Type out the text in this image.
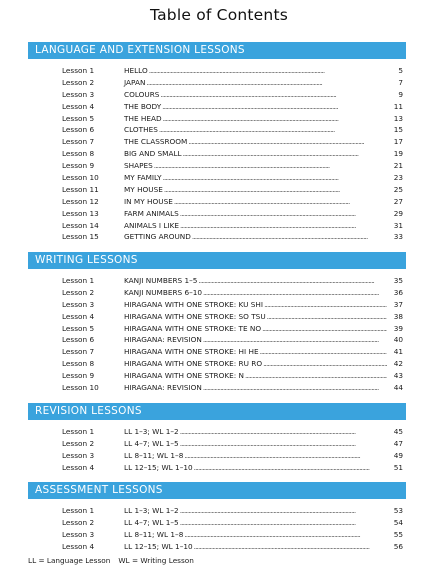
Table of Contents
LANGUAGE AND EXTENSION LESSONS
Lesson 1	HELLO . . .	5
Lesson 2	JAPAN . . .	7
Lesson 3	COLOURS . . .	9
Lesson 4	THE BODY . . .	11
Lesson 5	THE HEAD . . .	13
Lesson 6	CLOTHES . . .	15
Lesson 7	THE CLASSROOM . . .	17
Lesson 8	BIG AND SMALL . . .	19
Lesson 9	SHAPES . . .	21
Lesson 10	MY FAMILY . . .	23
Lesson 11	MY HOUSE . . .	25
Lesson 12	IN MY HOUSE . . .	27
Lesson 13	FARM ANIMALS . . .	29
Lesson 14	ANIMALS I LIKE . . .	31
Lesson 15	GETTING AROUND . . .	33
WRITING LESSONS
Lesson 1	KANJI NUMBERS 1–5 . . .	35
Lesson 2	KANJI NUMBERS 6–10 . . .	36
Lesson 3	HIRAGANA WITH ONE STROKE: KU SHI . . .	37
Lesson 4	HIRAGANA WITH ONE STROKE: SO TSU . . .	38
Lesson 5	HIRAGANA WITH ONE STROKE: TE NO . . .	39
Lesson 6	HIRAGANA: REVISION . . .	40
Lesson 7	HIRAGANA WITH ONE STROKE: HI HE . . .	41
Lesson 8	HIRAGANA WITH ONE STROKE: RU RO . . .	42
Lesson 9	HIRAGANA WITH ONE STROKE: N . . .	43
Lesson 10	HIRAGANA: REVISION . . .	44
REVISION LESSONS
Lesson 1	LL 1–3; WL 1–2 . . .	45
Lesson 2	LL 4–7; WL 1–5 . . .	47
Lesson 3	LL 8–11; WL 1–8 . . .	49
Lesson 4	LL 12–15; WL 1–10 . . .	51
ASSESSMENT LESSONS
Lesson 1	LL 1–3; WL 1–2 . . .	53
Lesson 2	LL 4–7; WL 1–5 . . .	54
Lesson 3	LL 8–11; WL 1–8 . . .	55
Lesson 4	LL 12–15; WL 1–10 . . .	56
LL = Language Lesson WL = Writing Lesson
